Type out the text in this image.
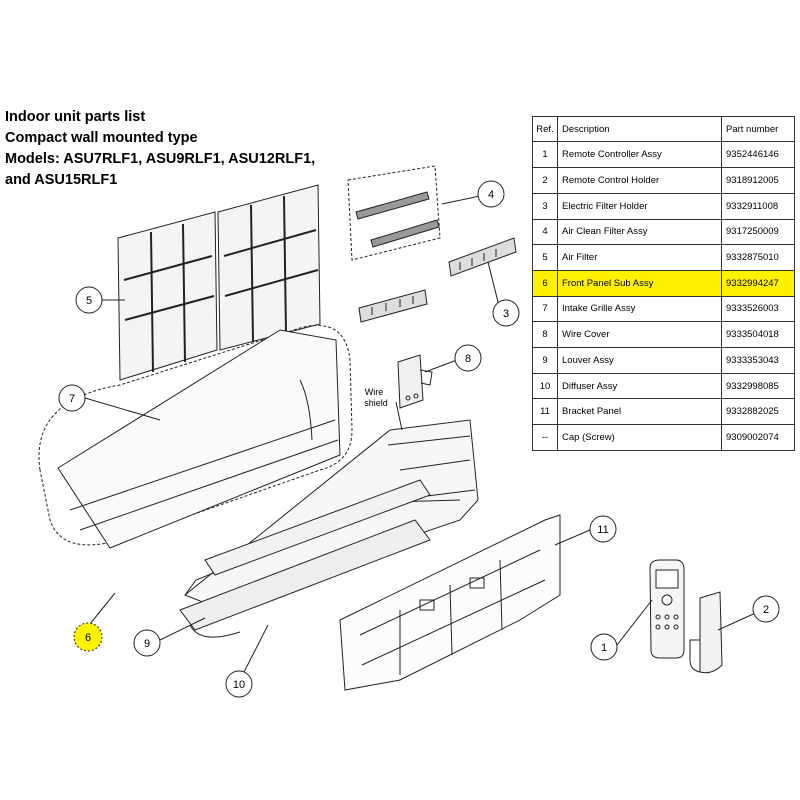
Indoor unit parts list
Compact wall mounted type
Models: ASU7RLF1, ASU9RLF1, ASU12RLF1,
and ASU15RLF1
Ref.	Description	Part number
1	Remote Controller Assy	9352446146
2	Remote Control Holder	9318912005
3	Electric Filter Holder	9332911008
4	Air Clean Filter Assy	9317250009
5	Air Filter	9332875010
6	Front Panel Sub Assy	9332994247
7	Intake Grille Assy	9333526003
8	Wire Cover	9333504018
9	Louver Assy	9333353043
10	Diffuser Assy	9332998085
11	Bracket Panel	9332882025
--	Cap (Screw)	9309002074
1
2
3
4
5
6
7
8
9
10
11
Wire
shield
